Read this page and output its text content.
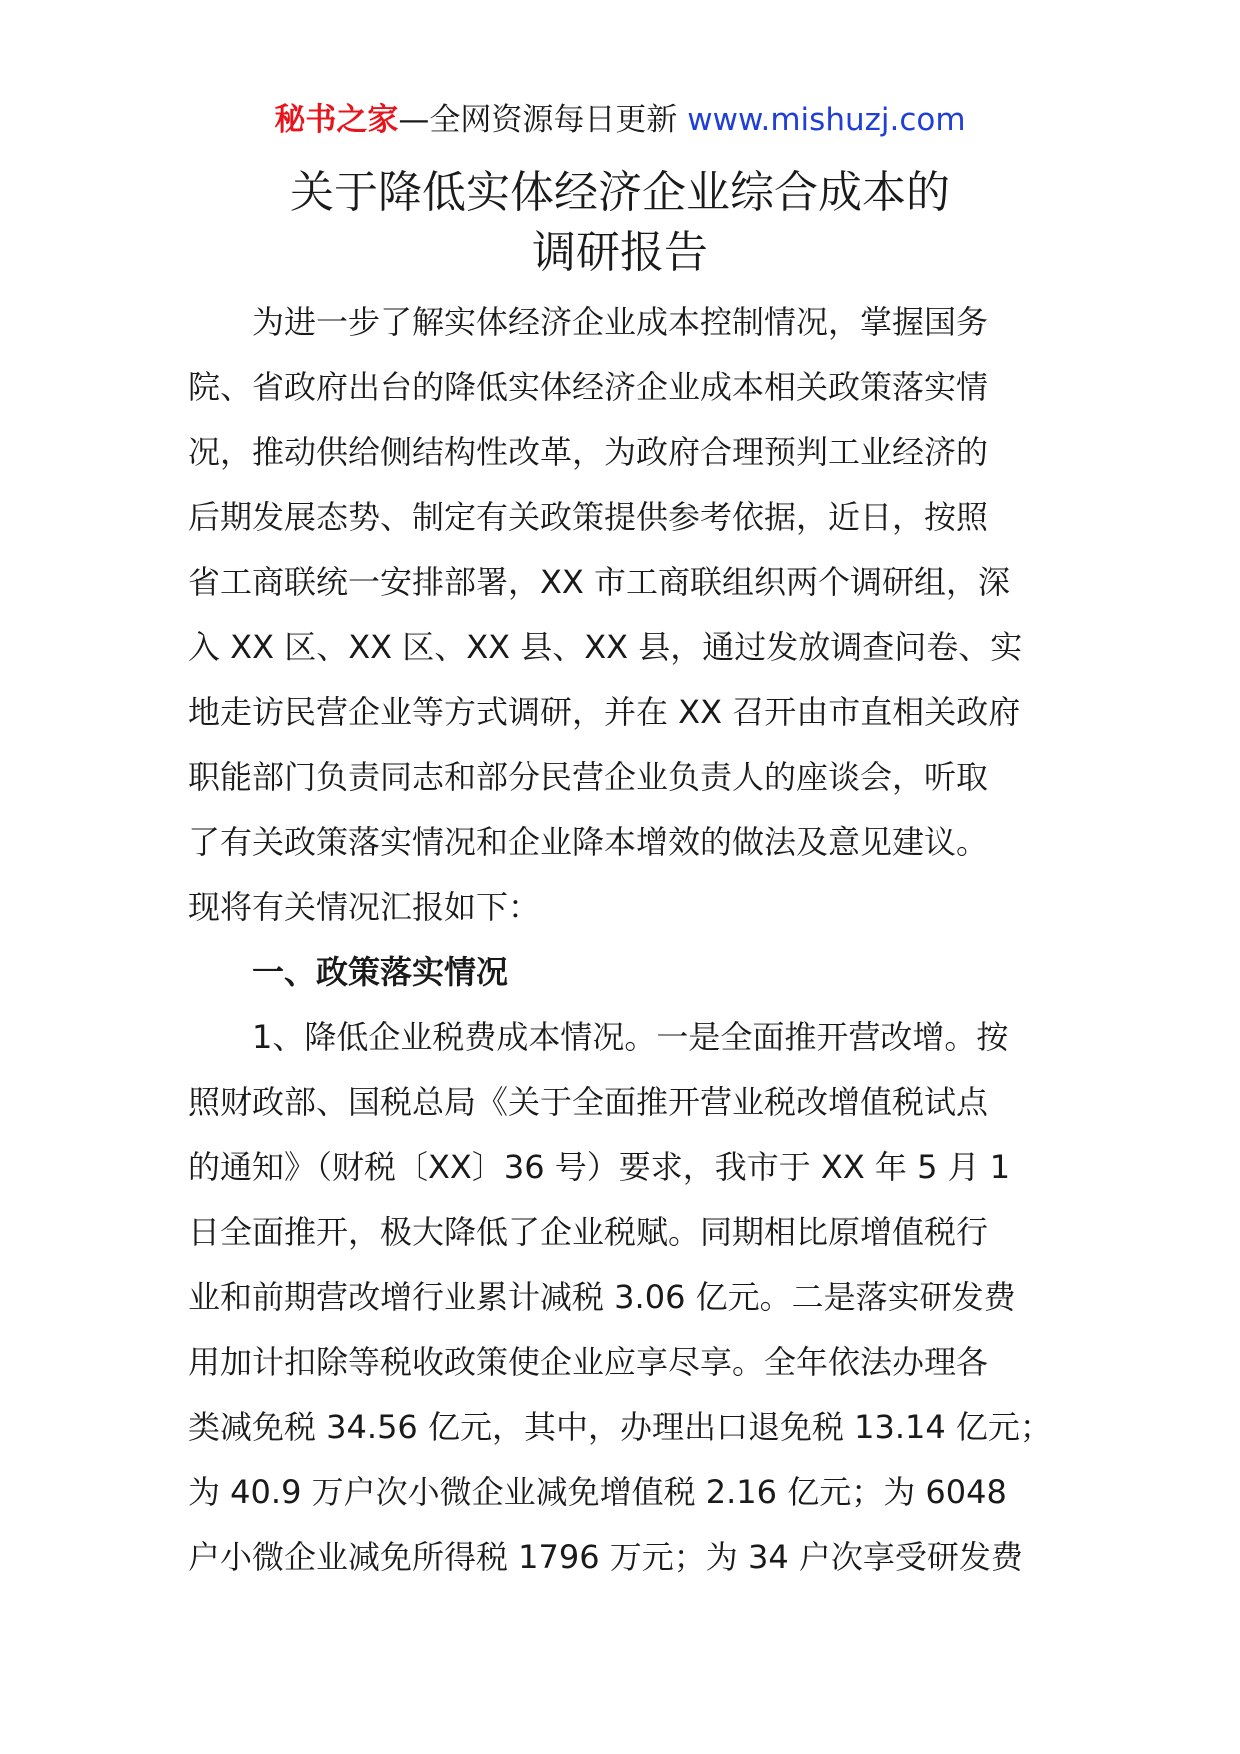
秘书之家—全网资源每日更新 www.mishuzj.com
关于降低实体经济企业综合成本的
调研报告
为进一步了解实体经济企业成本控制情况，掌握国务
院、省政府出台的降低实体经济企业成本相关政策落实情
况，推动供给侧结构性改革，为政府合理预判工业经济的
后期发展态势、制定有关政策提供参考依据，近日，按照
省工商联统一安排部署，XX 市工商联组织两个调研组，深
入 XX 区、XX 区、XX 县、XX 县，通过发放调查问卷、实
地走访民营企业等方式调研，并在 XX 召开由市直相关政府
职能部门负责同志和部分民营企业负责人的座谈会，听取
了有关政策落实情况和企业降本增效的做法及意见建议。
现将有关情况汇报如下：
一、政策落实情况
1、降低企业税费成本情况。一是全面推开营改增。按
照财政部、国税总局《关于全面推开营业税改增值税试点
的通知》（财税〔XX〕36 号）要求，我市于 XX 年 5 月 1
日全面推开，极大降低了企业税赋。同期相比原增值税行
业和前期营改增行业累计减税 3.06 亿元。二是落实研发费
用加计扣除等税收政策使企业应享尽享。全年依法办理各
类减免税 34.56 亿元，其中，办理出口退免税 13.14 亿元；
为 40.9 万户次小微企业减免增值税 2.16 亿元；为 6048
户小微企业减免所得税 1796 万元；为 34 户次享受研发费
